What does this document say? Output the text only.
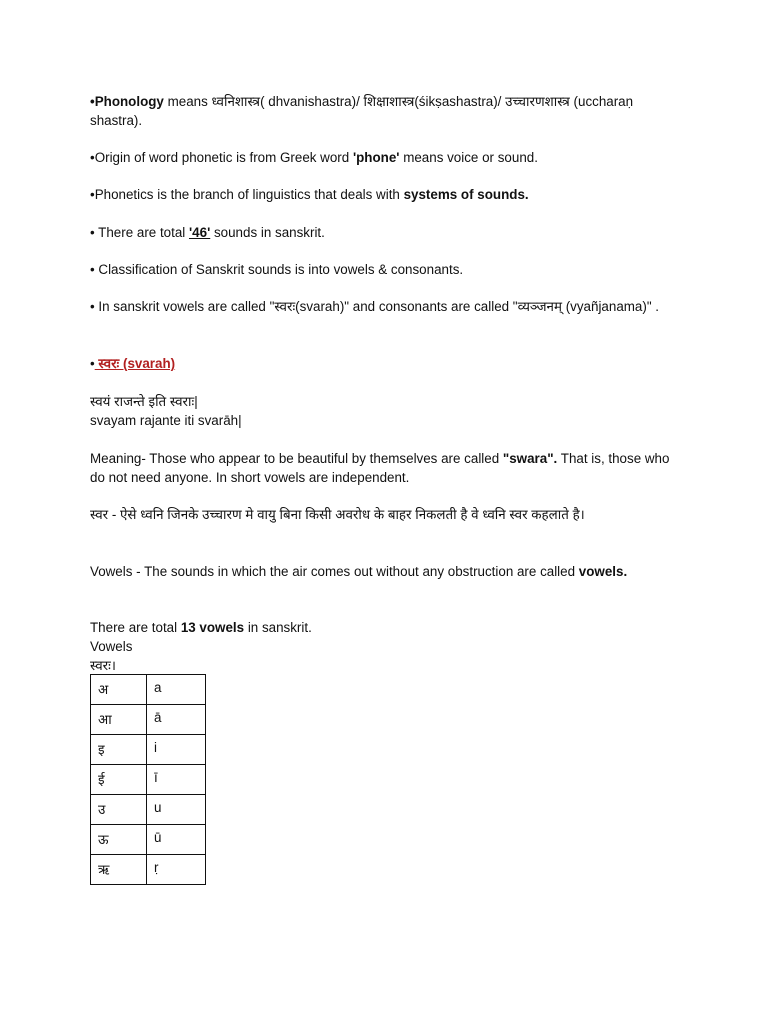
•Phonology means ध्वनिशास्त्र( dhvanishastra)/ शिक्षाशास्त्र(śikṣashastra)/ उच्चारणशास्त्र (uccharaṇ shastra).

•Origin of word phonetic is from Greek word 'phone' means voice or sound.

•Phonetics is the branch of linguistics that deals with systems of sounds.

• There are total '46' sounds in sanskrit.

• Classification of Sanskrit sounds is into vowels & consonants.

• In sanskrit vowels are called "स्वरः(svarah)" and consonants are called "व्यञ्जनम् (vyañjanama)" .

• स्वरः (svarah)

स्वयं राजन्ते इति स्वराः|

svayam rajante iti svarāh|

Meaning- Those who appear to be beautiful by themselves are called "swara". That is, those who do not need anyone. In short vowels are independent.

स्वर - ऐसे ध्वनि जिनके उच्चारण मे वायु बिना किसी अवरोध के बाहर निकलती है वे ध्वनि स्वर कहलाते है।

Vowels - The sounds in which the air comes out without any obstruction are called vowels.

There are total 13 vowels in sanskrit.

Vowels

स्वरः।

अ	a
आ	ā
इ	i
ई	ī
उ	u
ऊ	ū
ऋ	ṛ
